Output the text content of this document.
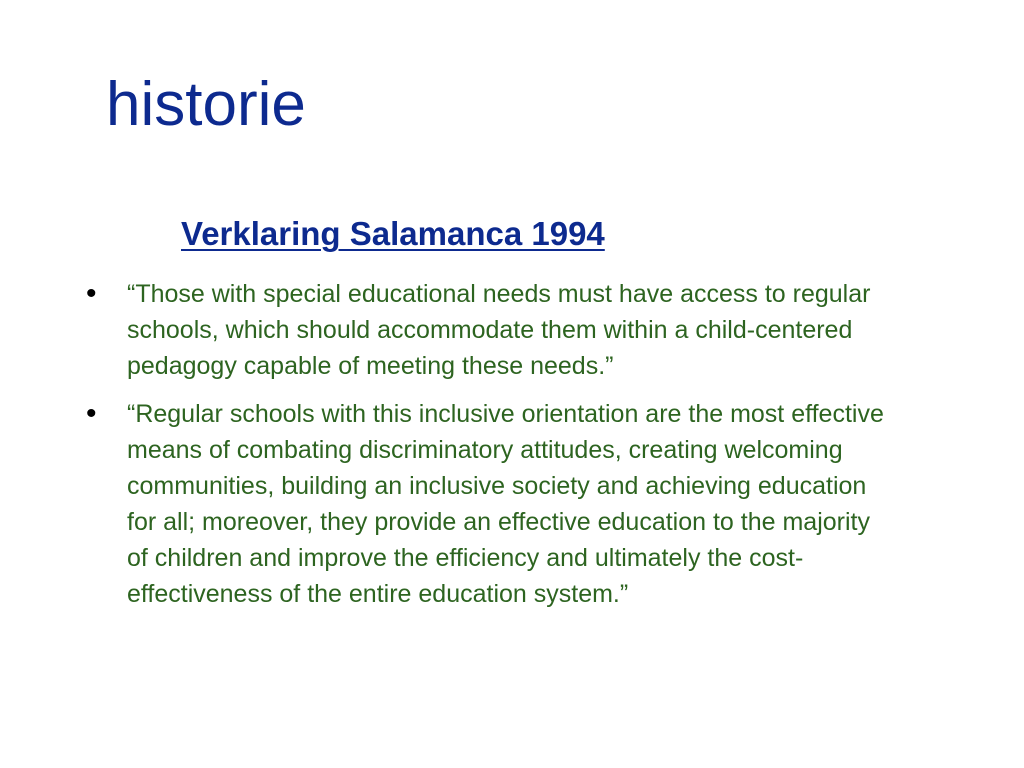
historie
Verklaring Salamanca 1994
• “Those with special educational needs must have access to regular schools, which should accommodate them within a child-centered pedagogy capable of meeting these needs.”
• “Regular schools with this inclusive orientation are the most effective means of combating discriminatory attitudes, creating welcoming communities, building an inclusive society and achieving education for all; moreover, they provide an effective education to the majority of children and improve the efficiency and ultimately the cost-effectiveness of the entire education system.”
